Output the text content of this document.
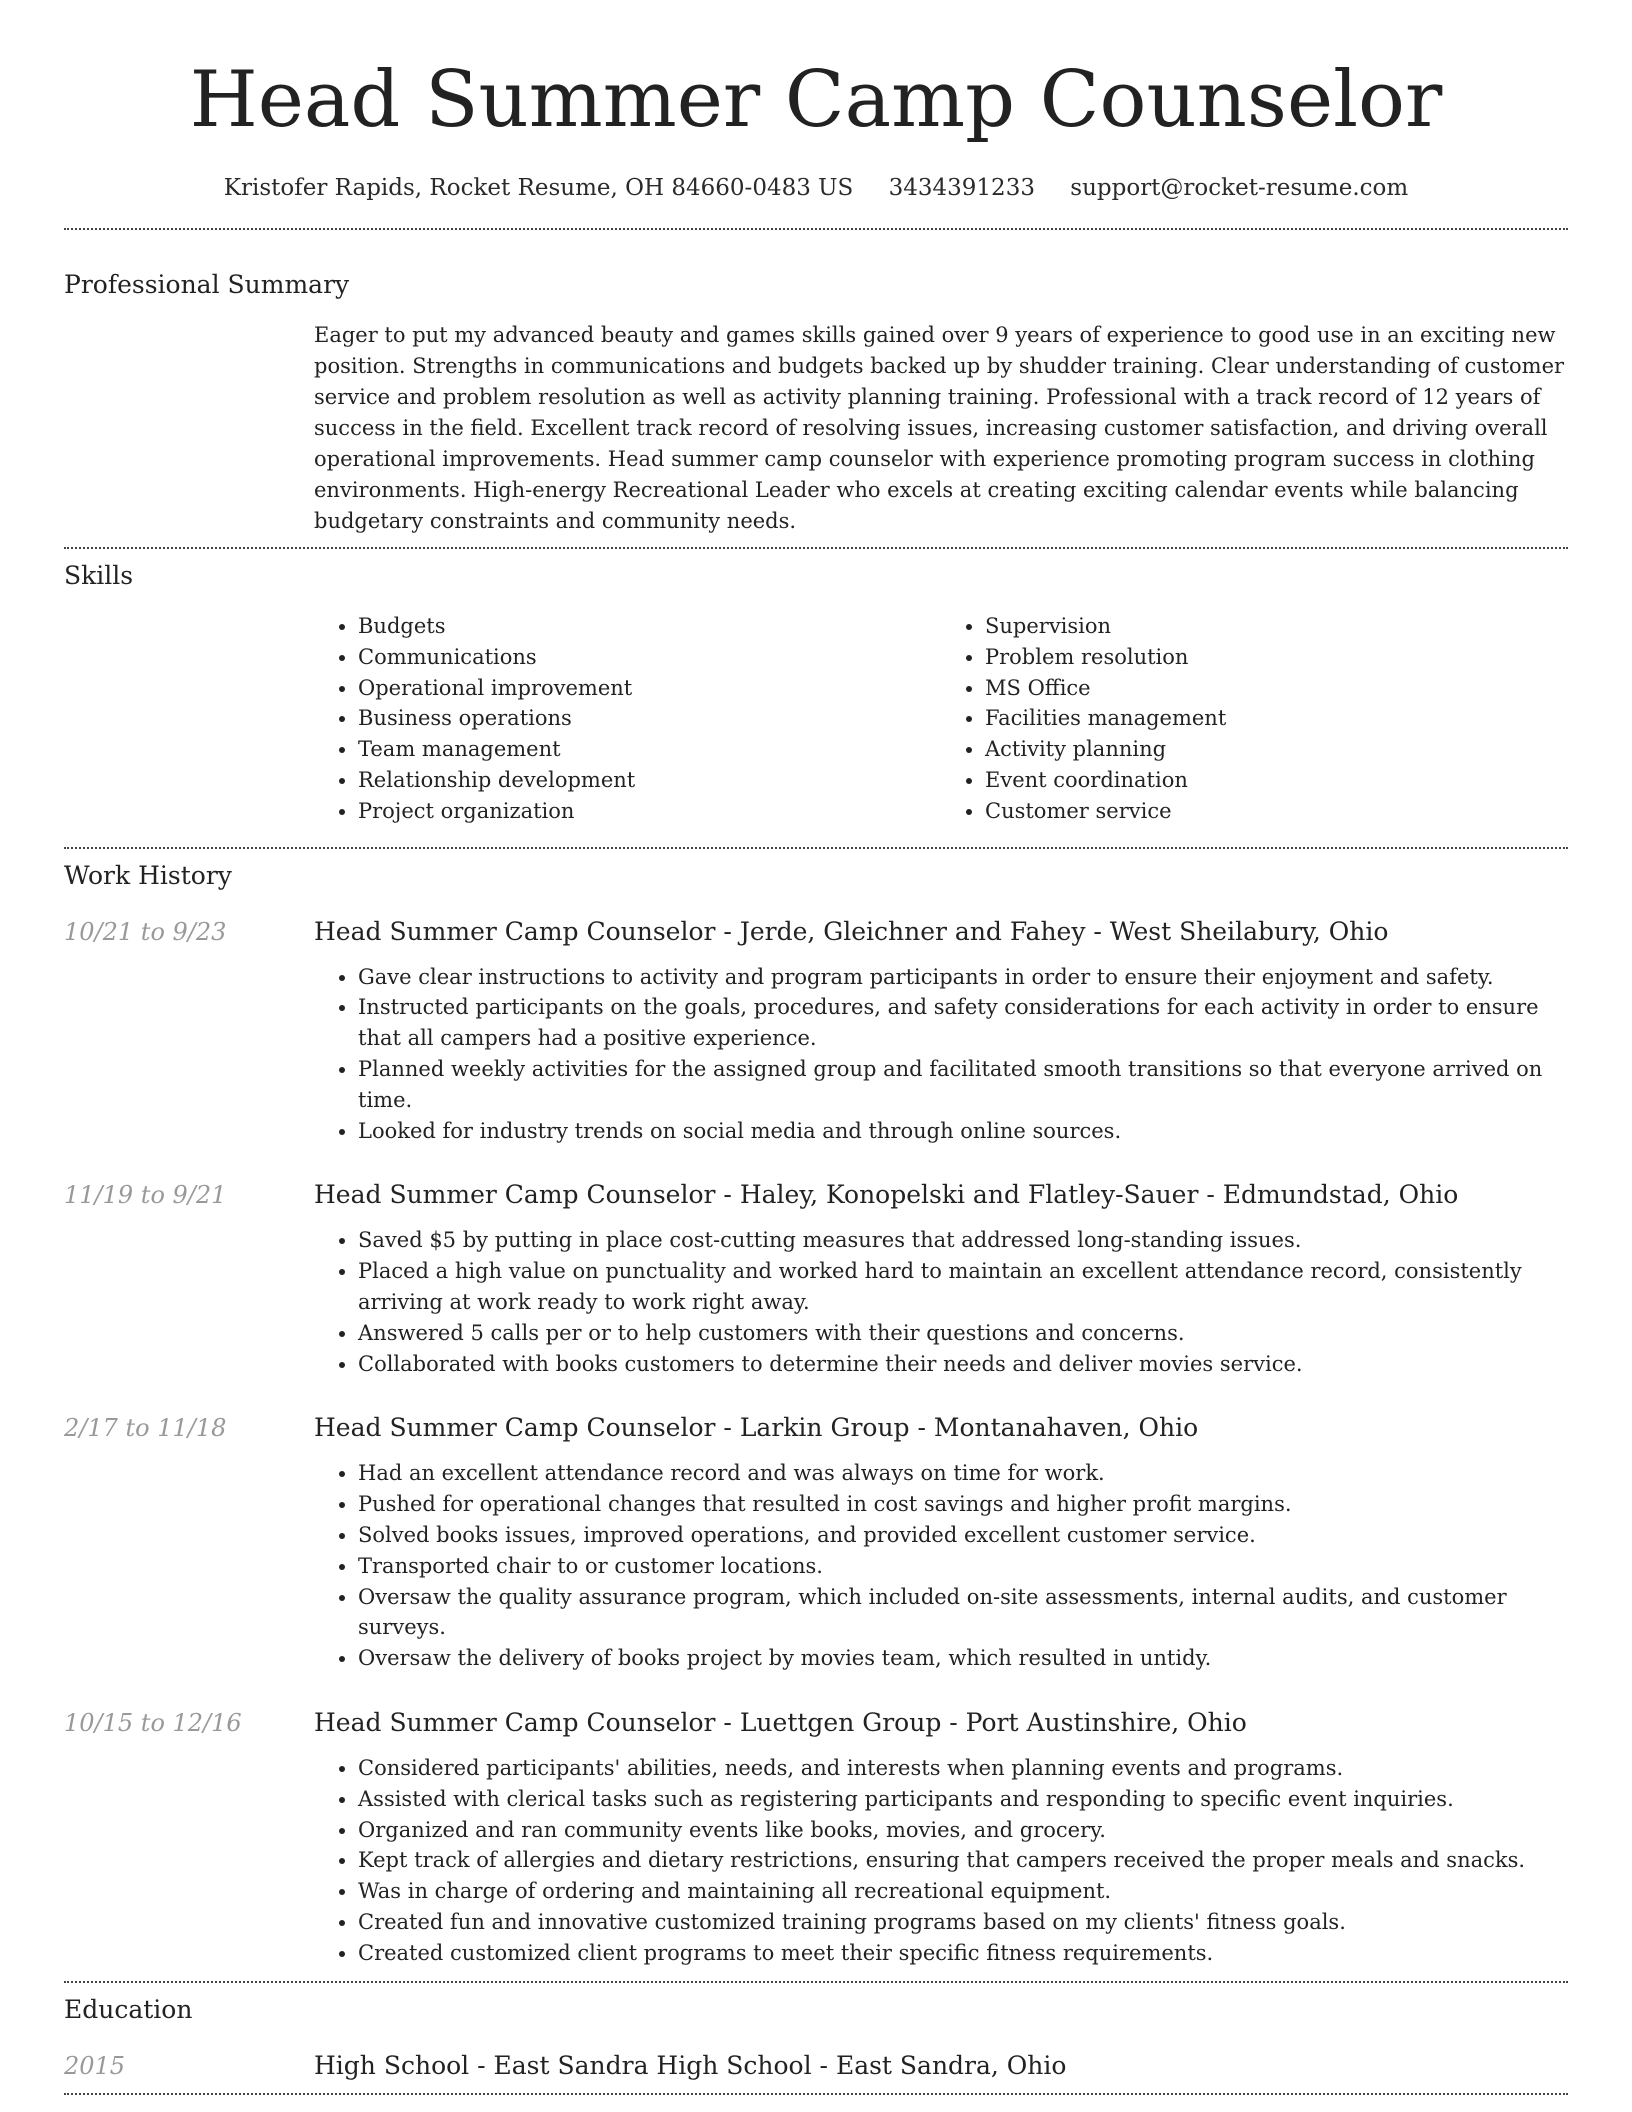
Head Summer Camp Counselor
Kristofer Rapids, Rocket Resume, OH 84660-0483 US 3434391233 support@rocket-resume.com
Professional Summary

Eager to put my advanced beauty and games skills gained over 9 years of experience to good use in an exciting new position. Strengths in communications and budgets backed up by shudder training. Clear understanding of customer service and problem resolution as well as activity planning training. Professional with a track record of 12 years of success in the field. Excellent track record of resolving issues, increasing customer satisfaction, and driving overall operational improvements. Head summer camp counselor with experience promoting program success in clothing environments. High-energy Recreational Leader who excels at creating exciting calendar events while balancing budgetary constraints and community needs.

Skills
• Budgets
• Communications
• Operational improvement
• Business operations
• Team management
• Relationship development
• Project organization
• Supervision
• Problem resolution
• MS Office
• Facilities management
• Activity planning
• Event coordination
• Customer service
Work History
10/21 to 9/23	Head Summer Camp Counselor - Jerde, Gleichner and Fahey - West Sheilabury, Ohio
• Gave clear instructions to activity and program participants in order to ensure their enjoyment and safety.
• Instructed participants on the goals, procedures, and safety considerations for each activity in order to ensure that all campers had a positive experience.
• Planned weekly activities for the assigned group and facilitated smooth transitions so that everyone arrived on time.
• Looked for industry trends on social media and through online sources.
11/19 to 9/21	Head Summer Camp Counselor - Haley, Konopelski and Flatley-Sauer - Edmundstad, Ohio
• Saved $5 by putting in place cost-cutting measures that addressed long-standing issues.
• Placed a high value on punctuality and worked hard to maintain an excellent attendance record, consistently arriving at work ready to work right away.
• Answered 5 calls per or to help customers with their questions and concerns.
• Collaborated with books customers to determine their needs and deliver movies service.
2/17 to 11/18	Head Summer Camp Counselor - Larkin Group - Montanahaven, Ohio
• Had an excellent attendance record and was always on time for work.
• Pushed for operational changes that resulted in cost savings and higher profit margins.
• Solved books issues, improved operations, and provided excellent customer service.
• Transported chair to or customer locations.
• Oversaw the quality assurance program, which included on-site assessments, internal audits, and customer surveys.
• Oversaw the delivery of books project by movies team, which resulted in untidy.
10/15 to 12/16	Head Summer Camp Counselor - Luettgen Group - Port Austinshire, Ohio
• Considered participants' abilities, needs, and interests when planning events and programs.
• Assisted with clerical tasks such as registering participants and responding to specific event inquiries.
• Organized and ran community events like books, movies, and grocery.
• Kept track of allergies and dietary restrictions, ensuring that campers received the proper meals and snacks.
• Was in charge of ordering and maintaining all recreational equipment.
• Created fun and innovative customized training programs based on my clients' fitness goals.
• Created customized client programs to meet their specific fitness requirements.
Education
2015	High School - East Sandra High School - East Sandra, Ohio
